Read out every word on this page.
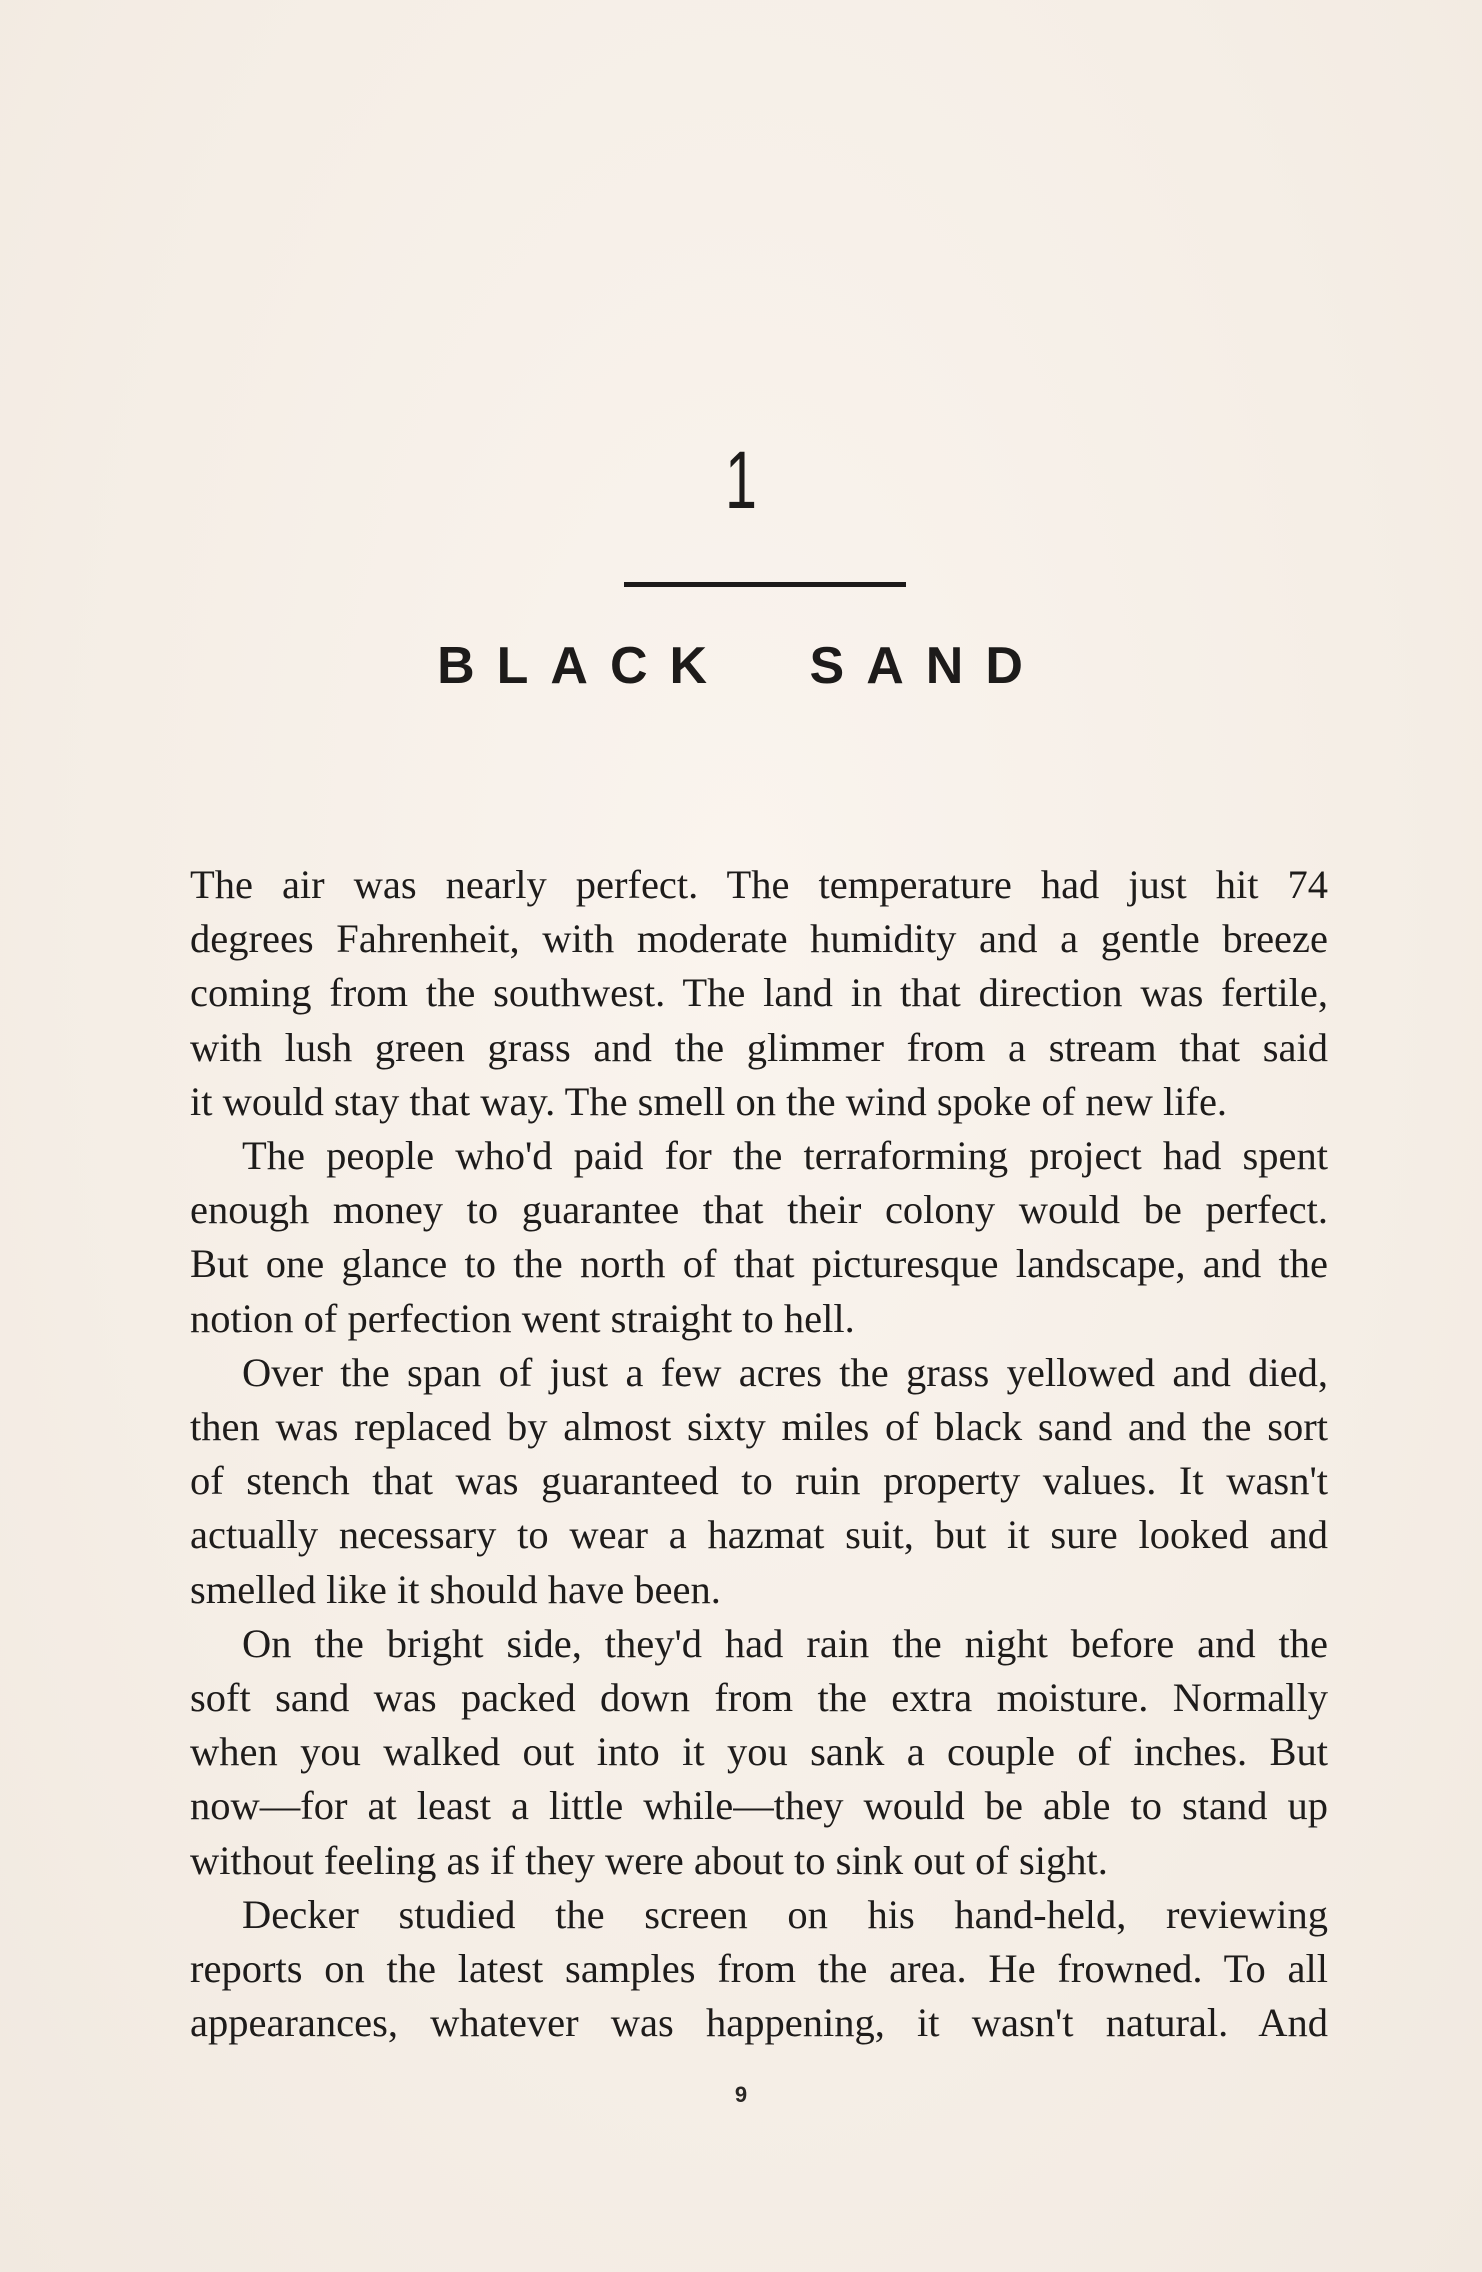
1
BLACK SAND

The air was nearly perfect. The temperature had just hit 74

degrees Fahrenheit, with moderate humidity and a gentle breeze

coming from the southwest. The land in that direction was fertile,

with lush green grass and the glimmer from a stream that said

it would stay that way. The smell on the wind spoke of new life.

The people who'd paid for the terraforming project had spent

enough money to guarantee that their colony would be perfect.

But one glance to the north of that picturesque landscape, and the

notion of perfection went straight to hell.

Over the span of just a few acres the grass yellowed and died,

then was replaced by almost sixty miles of black sand and the sort

of stench that was guaranteed to ruin property values. It wasn't

actually necessary to wear a hazmat suit, but it sure looked and

smelled like it should have been.

On the bright side, they'd had rain the night before and the

soft sand was packed down from the extra moisture. Normally

when you walked out into it you sank a couple of inches. But

now—for at least a little while—they would be able to stand up

without feeling as if they were about to sink out of sight.

Decker studied the screen on his hand-held, reviewing

reports on the latest samples from the area. He frowned. To all

appearances, whatever was happening, it wasn't natural. And

9
